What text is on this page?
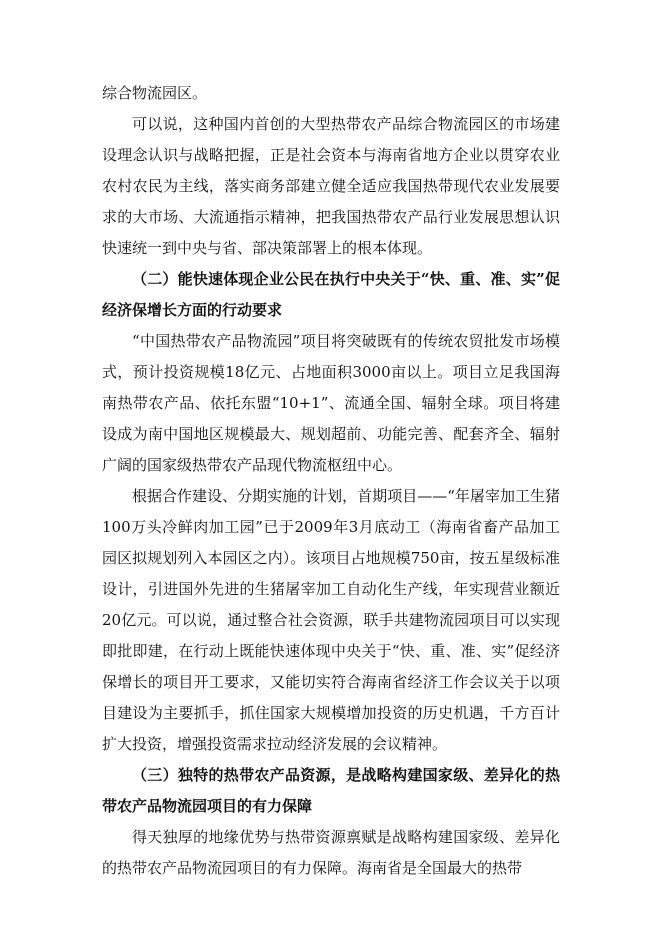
综合物流园区。

可以说，这种国内首创的大型热带农产品综合物流园区的市场建设理念认识与战略把握，正是社会资本与海南省地方企业以贯穿农业农村农民为主线，落实商务部建立健全适应我国热带现代农业发展要求的大市场、大流通指示精神，把我国热带农产品行业发展思想认识快速统一到中央与省、部决策部署上的根本体现。

（二）能快速体现企业公民在执行中央关于“快、重、准、实”促经济保增长方面的行动要求

“中国热带农产品物流园”项目将突破既有的传统农贸批发市场模式，预计投资规模18亿元、占地面积3000亩以上。项目立足我国海南热带农产品、依托东盟“10+1”、流通全国、辐射全球。项目将建设成为南中国地区规模最大、规划超前、功能完善、配套齐全、辐射广阔的国家级热带农产品现代物流枢纽中心。

根据合作建设、分期实施的计划，首期项目——“年屠宰加工生猪100万头冷鲜肉加工园”已于2009年3月底动工（海南省畜产品加工园区拟规划列入本园区之内）。该项目占地规模750亩，按五星级标准设计，引进国外先进的生猪屠宰加工自动化生产线，年实现营业额近20亿元。可以说，通过整合社会资源，联手共建物流园项目可以实现即批即建，在行动上既能快速体现中央关于“快、重、准、实”促经济保增长的项目开工要求，又能切实符合海南省经济工作会议关于以项目建设为主要抓手，抓住国家大规模增加投资的历史机遇，千方百计扩大投资，增强投资需求拉动经济发展的会议精神。

（三）独特的热带农产品资源，是战略构建国家级、差异化的热带农产品物流园项目的有力保障

得天独厚的地缘优势与热带资源禀赋是战略构建国家级、差异化的热带农产品物流园项目的有力保障。海南省是全国最大的热带
